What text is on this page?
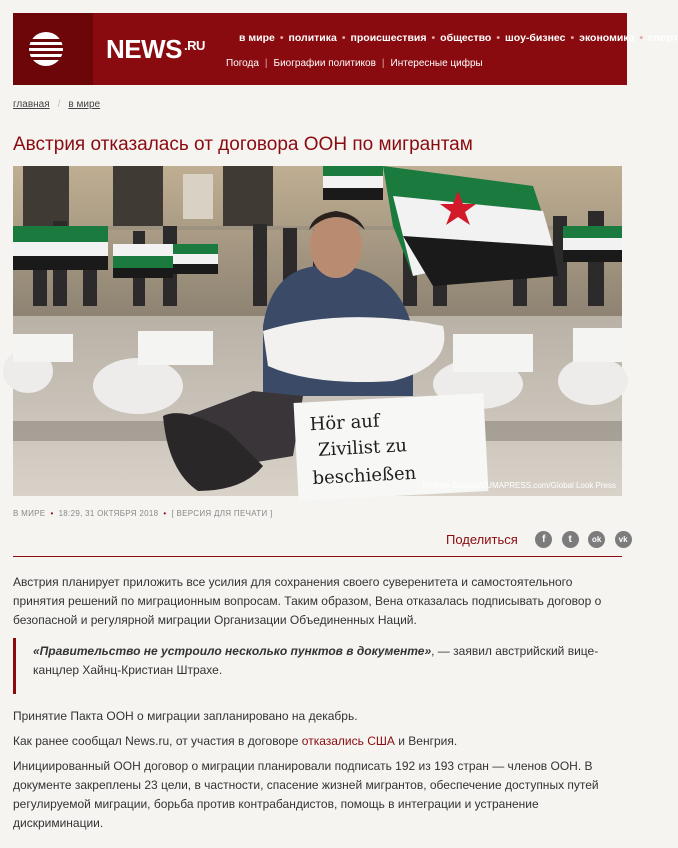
NEWS $^{.RU}$	в мире • политика • происшествия • общество • шоу-бизнес • экономика • спорт
Погода | Биографии политиков | Интересные цифры
главная / в мире
Австрия отказалась от договора ООН по мигрантам
Hör auf
Zivilist zu
beschießen Michele Babbini/ZUMAPRESS.com/Global Look Press
В МИРЕ • 18:29, 31 ОКТЯБРЯ 2018 • [ ВЕРСИЯ ДЛЯ ПЕЧАТИ ]
Поделиться f t	ok vk

Австрия планирует приложить все усилия для сохранения своего суверенитета и самостоятельного принятия решений по миграционным вопросам. Таким образом, Вена отказалась подписывать договор о безопасной и регулярной миграции Организации Объединенных Наций.

«Правительство не устроило несколько пунктов в документе», — заявил австрийский вице-канцлер Хайнц-Кристиан Штрахе.

Принятие Пакта ООН о миграции запланировано на декабрь.

Как ранее сообщал News.ru, от участия в договоре отказались США и Венгрия.

Инициированный ООН договор о миграции планировали подписать 192 из 193 стран — членов ООН. В документе закреплены 23 цели, в частности, спасение жизней мигрантов, обеспечение доступных путей регулируемой миграции, борьба против контрабандистов, помощь в интеграции и устранение дискриминации.
